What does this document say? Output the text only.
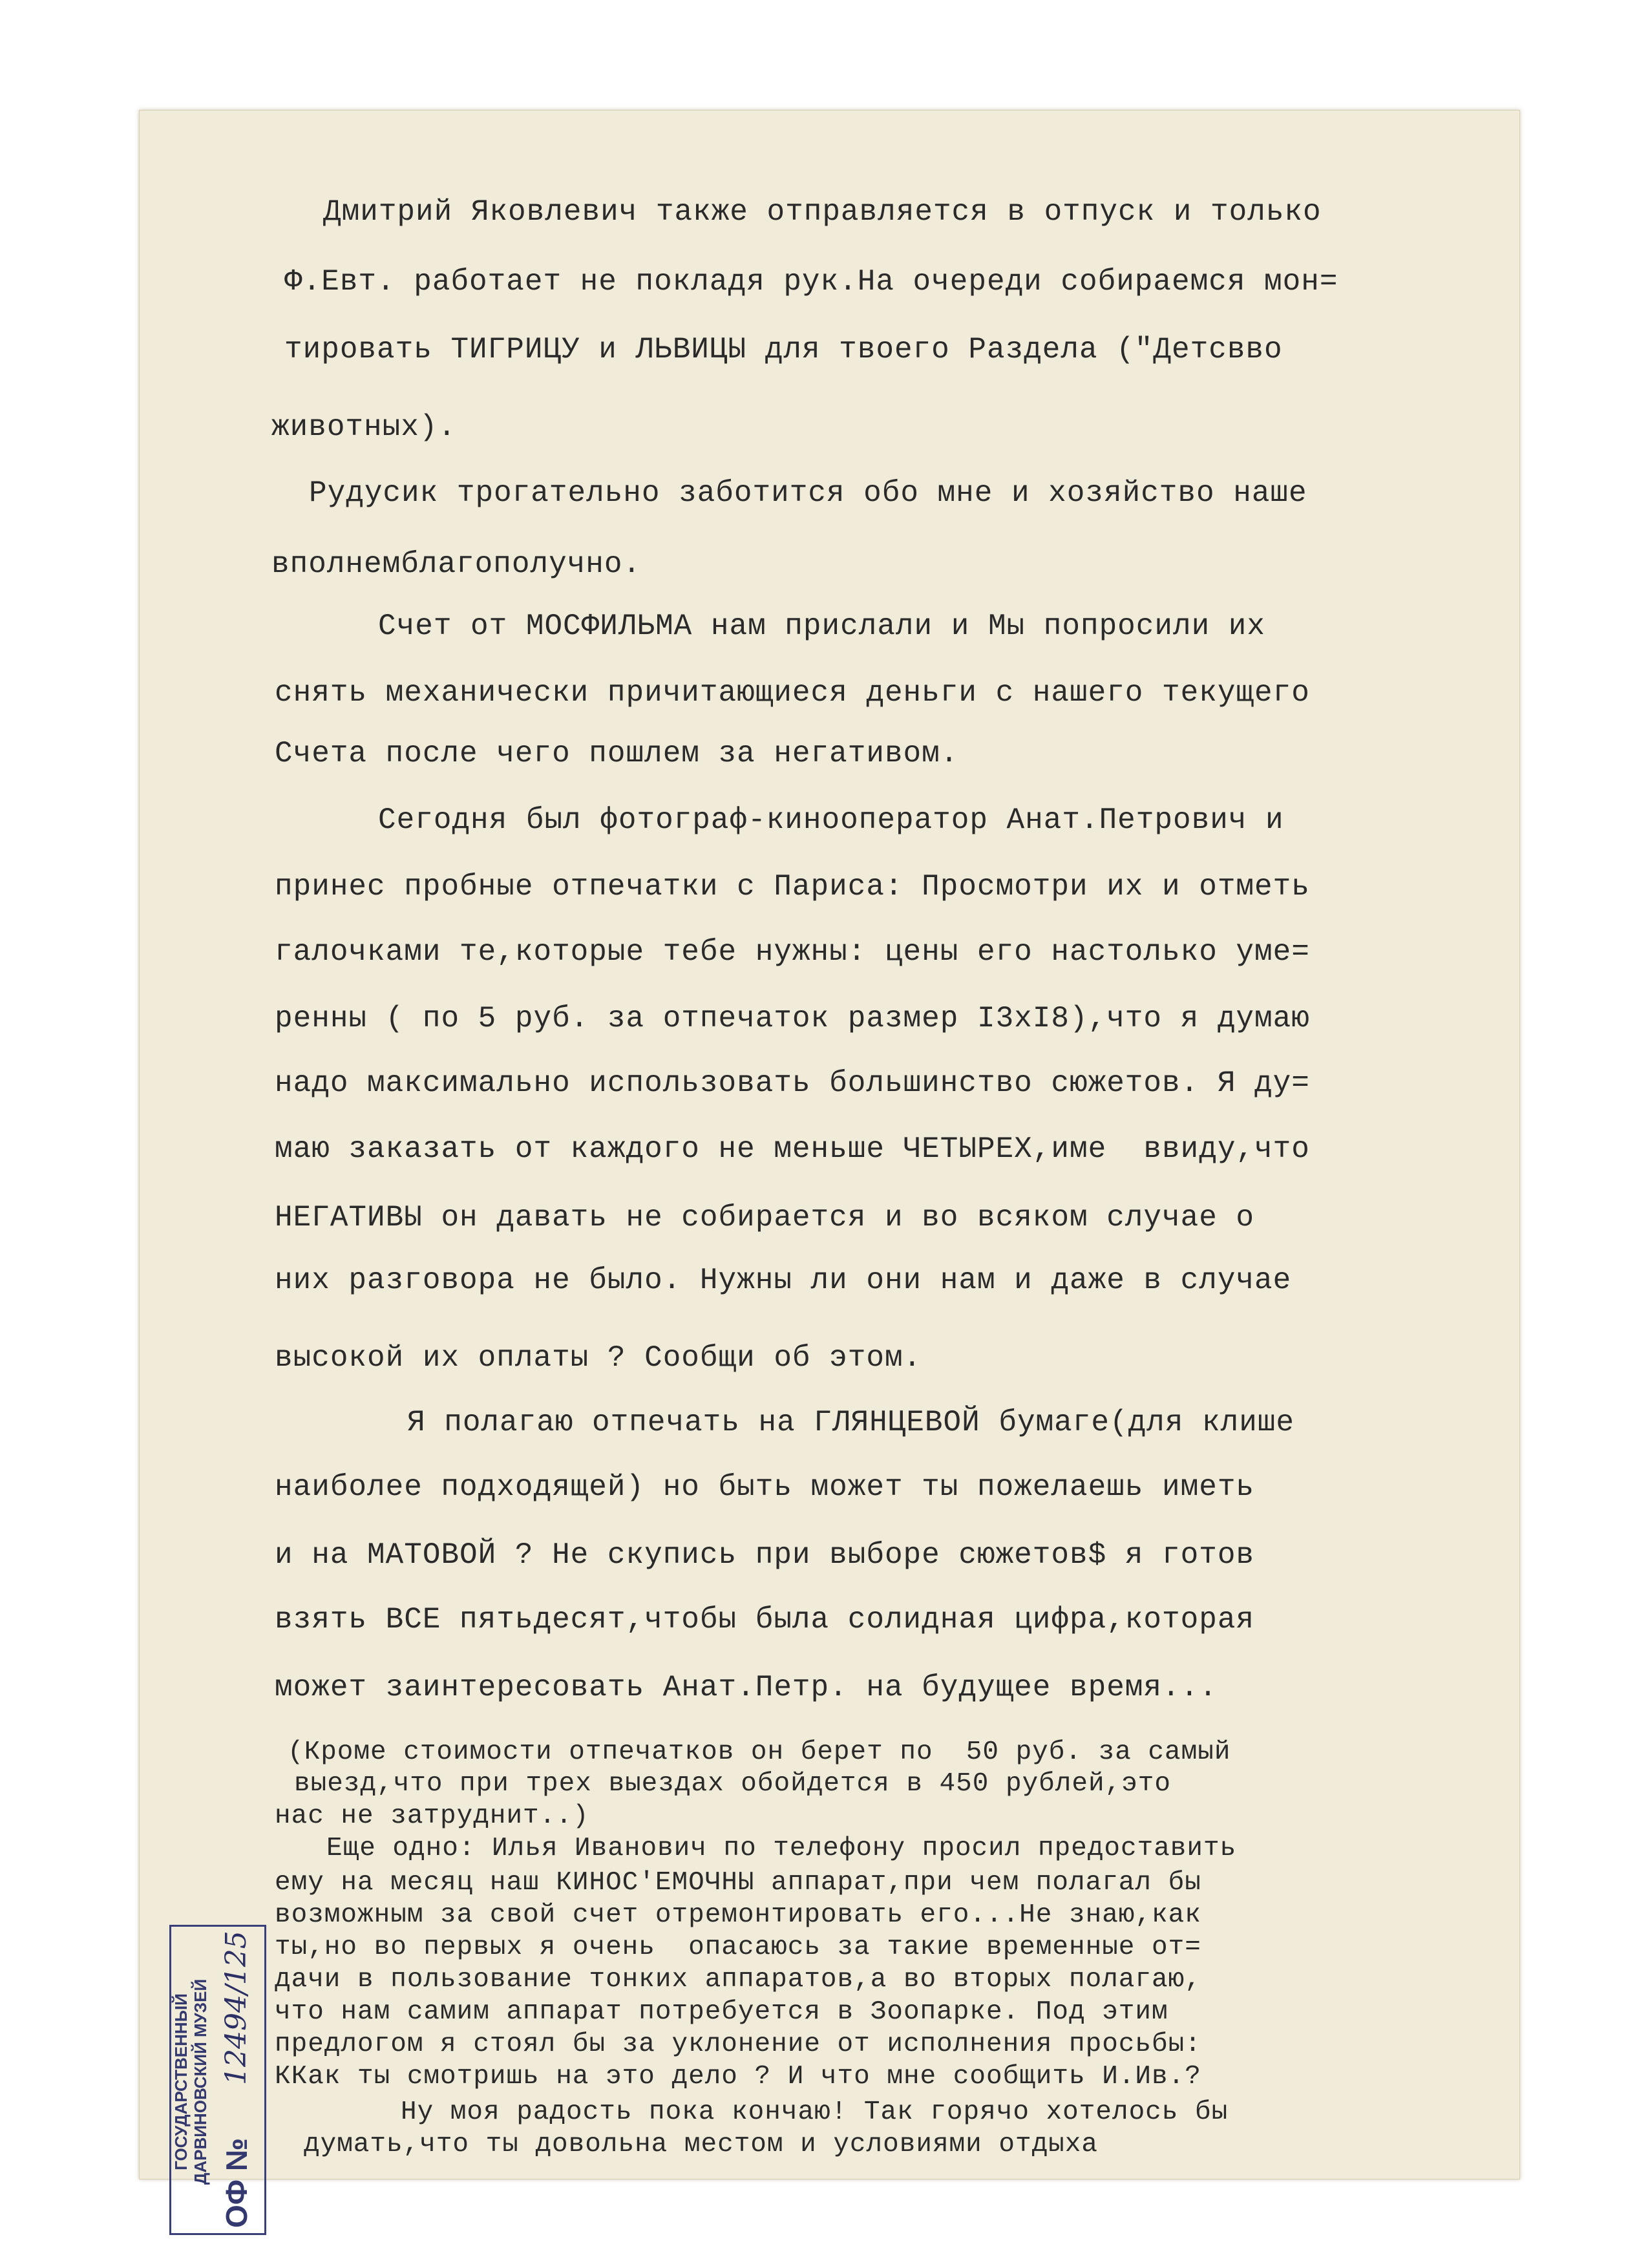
Дмитрий Яковлевич также отправляется в отпуск и только
Ф.Евт. работает не покладя рук.На очереди собираемся мон=
тировать ТИГРИЦУ и ЛЬВИЦЫ для твоего Раздела ("Детсвво
животных).
Рудусик трогательно заботится обо мне и хозяйство наше
вполнемблагополучно.
Счет от МОСФИЛЬМА нам прислали и Мы попросили их
снять механически причитающиеся деньги с нашего текущего
Счета после чего пошлем за негативом.
Сегодня был фотограф-кинооператор Анат.Петрович и
принес пробные отпечатки с Париса: Просмотри их и отметь
галочками те,которые тебе нужны: цены его настолько уме=
ренны ( по 5 руб. за отпечаток размер I3хI8),что я думаю
надо максимально использовать большинство сюжетов. Я ду=
маю заказать от каждого не меньше ЧЕТЫРЕХ,име  ввиду,что
НЕГАТИВЫ он давать не собирается и во всяком случае о
них разговора не было. Нужны ли они нам и даже в случае
высокой их оплаты ? Сообщи об этом.
Я полагаю отпечать на ГЛЯНЦЕВОЙ бумаге(для клише
наиболее подходящей) но быть может ты пожелаешь иметь
и на МАТОВОЙ ? Не скупись при выборе сюжетов$ я готов
взять ВСЕ пятьдесят,чтобы была солидная цифра,которая
может заинтересовать Анат.Петр. на будущее время...
(Кроме стоимости отпечатков он берет по  50 руб. за самый
выезд,что при трех выездах обойдется в 450 рублей,это
нас не затруднит..)
Еще одно: Илья Иванович по телефону просил предоставить
ему на месяц наш КИНОС'ЕМОЧНЫ аппарат,при чем полагал бы
возможным за свой счет отремонтировать его...Не знаю,как
ты,но во первых я очень  опасаюсь за такие временные от=
дачи в пользование тонких аппаратов,а во вторых полагаю,
что нам самим аппарат потребуется в Зоопарке. Под этим
предлогом я стоял бы за уклонение от исполнения просьбы:
ККак ты смотришь на это дело ? И что мне сообщить И.Ив.?
Ну моя радость пока кончаю! Так горячо хотелось бы
думать,что ты довольна местом и условиями отдыха
ГОСУДАРСТВЕННЫЙ ДАРВИНОВСКИЙ МУЗЕЙ ОФ №
12494/125
